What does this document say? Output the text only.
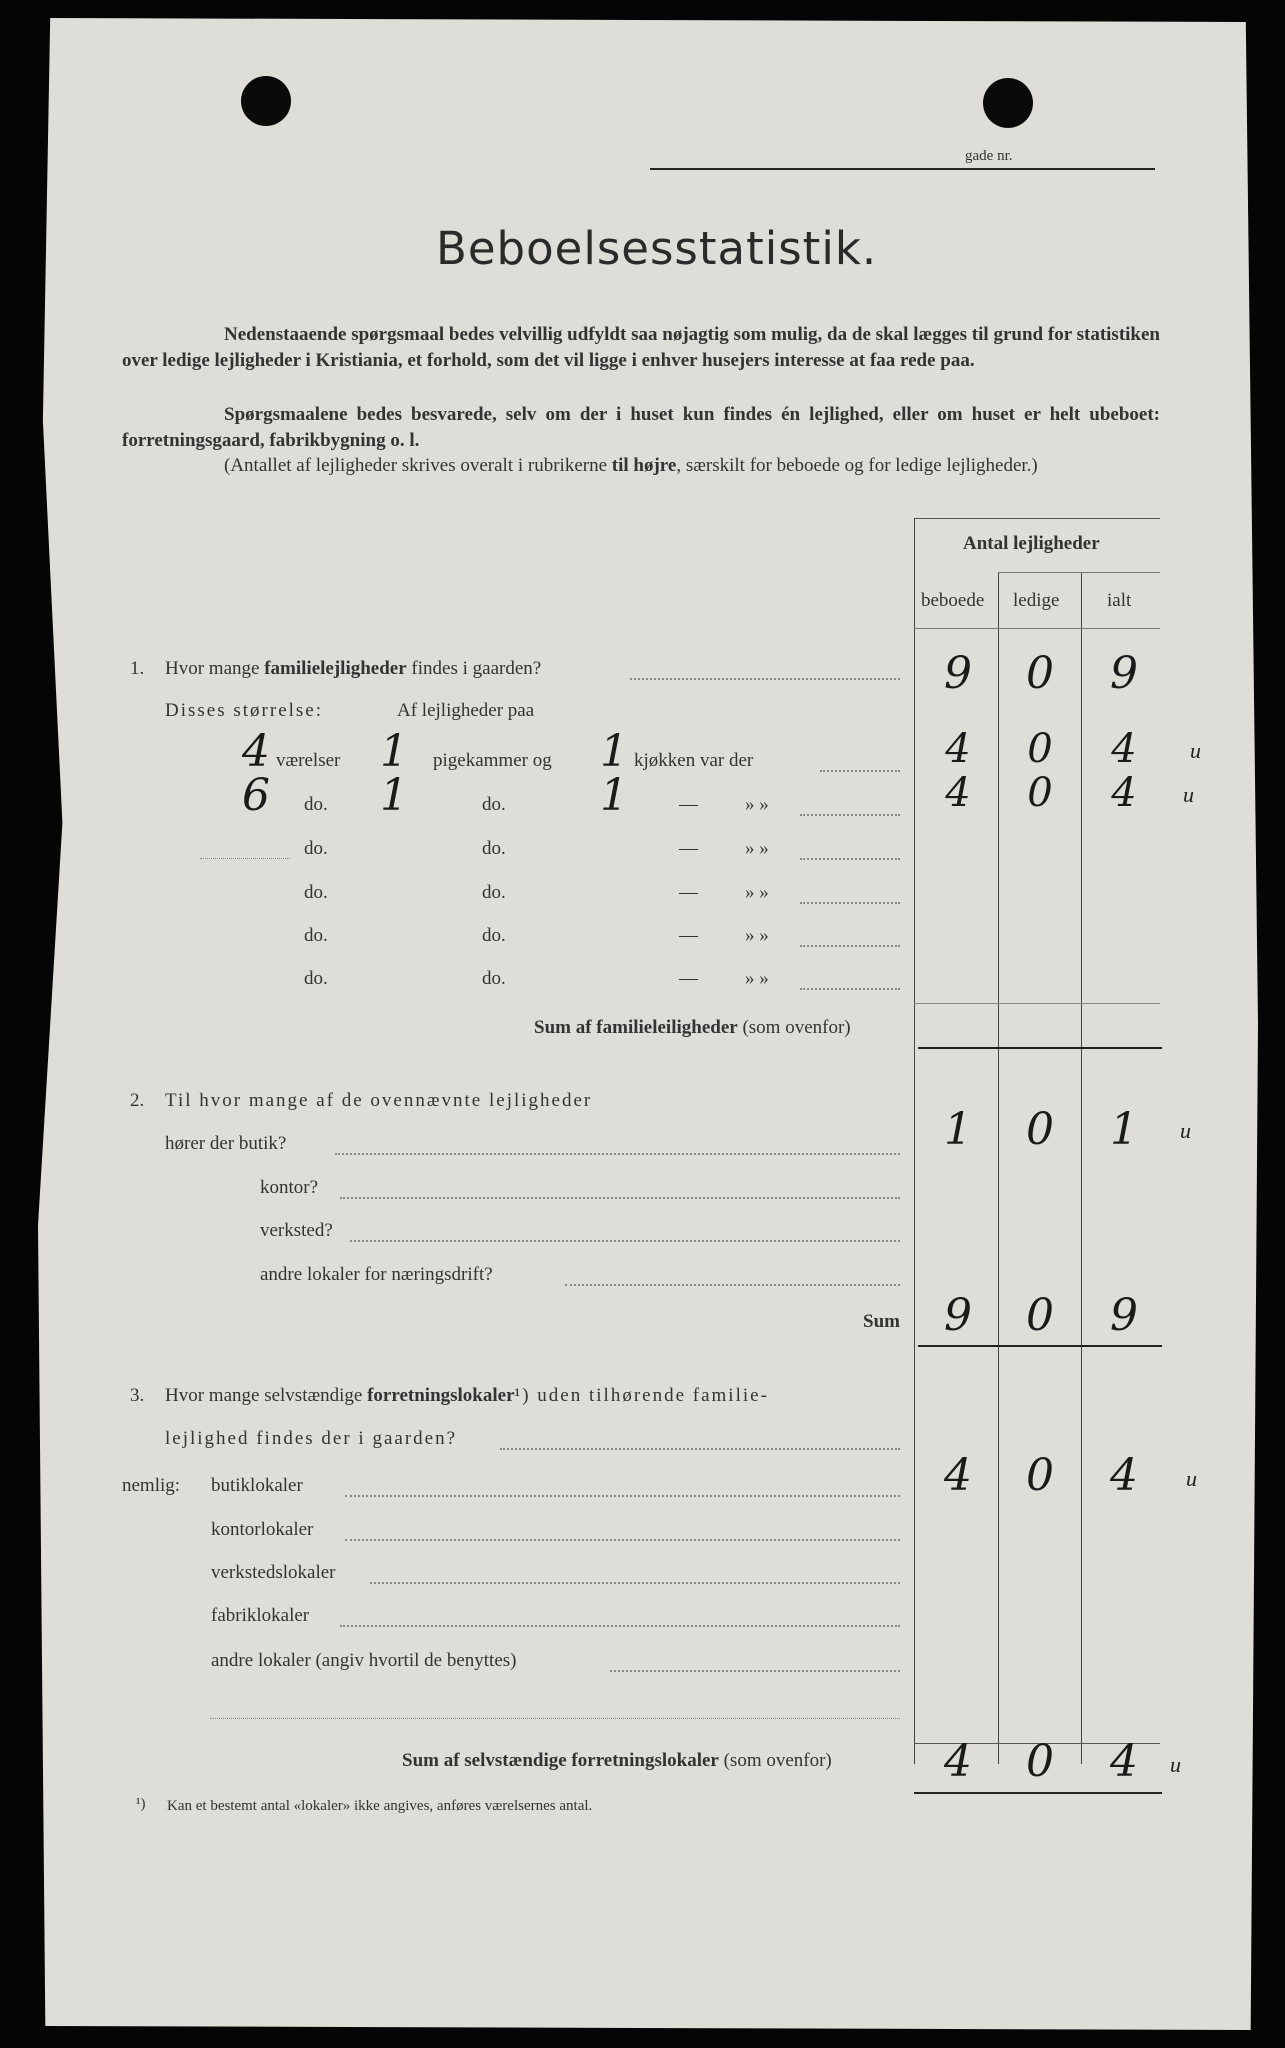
gade nr.
Beboelsesstatistik.
Nedenstaaende spørgsmaal bedes velvillig udfyldt saa nøjagtig som mulig, da de skal lægges til grund for statistiken over ledige lejligheder i Kristiania, et forhold, som det vil ligge i enhver husejers interesse at faa rede paa.
Spørgsmaalene bedes besvarede, selv om der i huset kun findes én lejlighed, eller om huset er helt ubeboet: forretningsgaard, fabrikbygning o. l.
(Antallet af lejligheder skrives overalt i rubrikerne til højre, særskilt for beboede og for ledige lejligheder.)
Antal lejligheder
beboede ledige	ialt
1. Hvor mange familielejligheder findes i gaarden?	9	0	9
Disses størrelse:	Af lejligheder paa
4 værelser 1	pigekammer og	1 kjøkken var der	4	0	4	u
6	do.	1	do.	1	— » »	4	0	4	u
do.	do.	— » »
do.	do.	— » »
do.	do.	— » »
do.	do.	— » »
Sum af familieleiligheder (som ovenfor)
2. Til hvor mange af de ovennævnte lejligheder
hører der butik?	1	0	1	u
kontor?
verksted?
andre lokaler for næringsdrift?
Sum	9	0	9
3. Hvor mange selvstændige forretningslokaler¹) uden tilhørende familie-
lejlighed findes der i gaarden?
nemlig: butiklokaler	4	0	4	u
kontorlokaler
verkstedslokaler
fabriklokaler
andre lokaler (angiv hvortil de benyttes)
Sum af selvstændige forretningslokaler (som ovenfor)	4	0	4	u
¹) Kan et bestemt antal «lokaler» ikke angives, anføres værelsernes antal.
